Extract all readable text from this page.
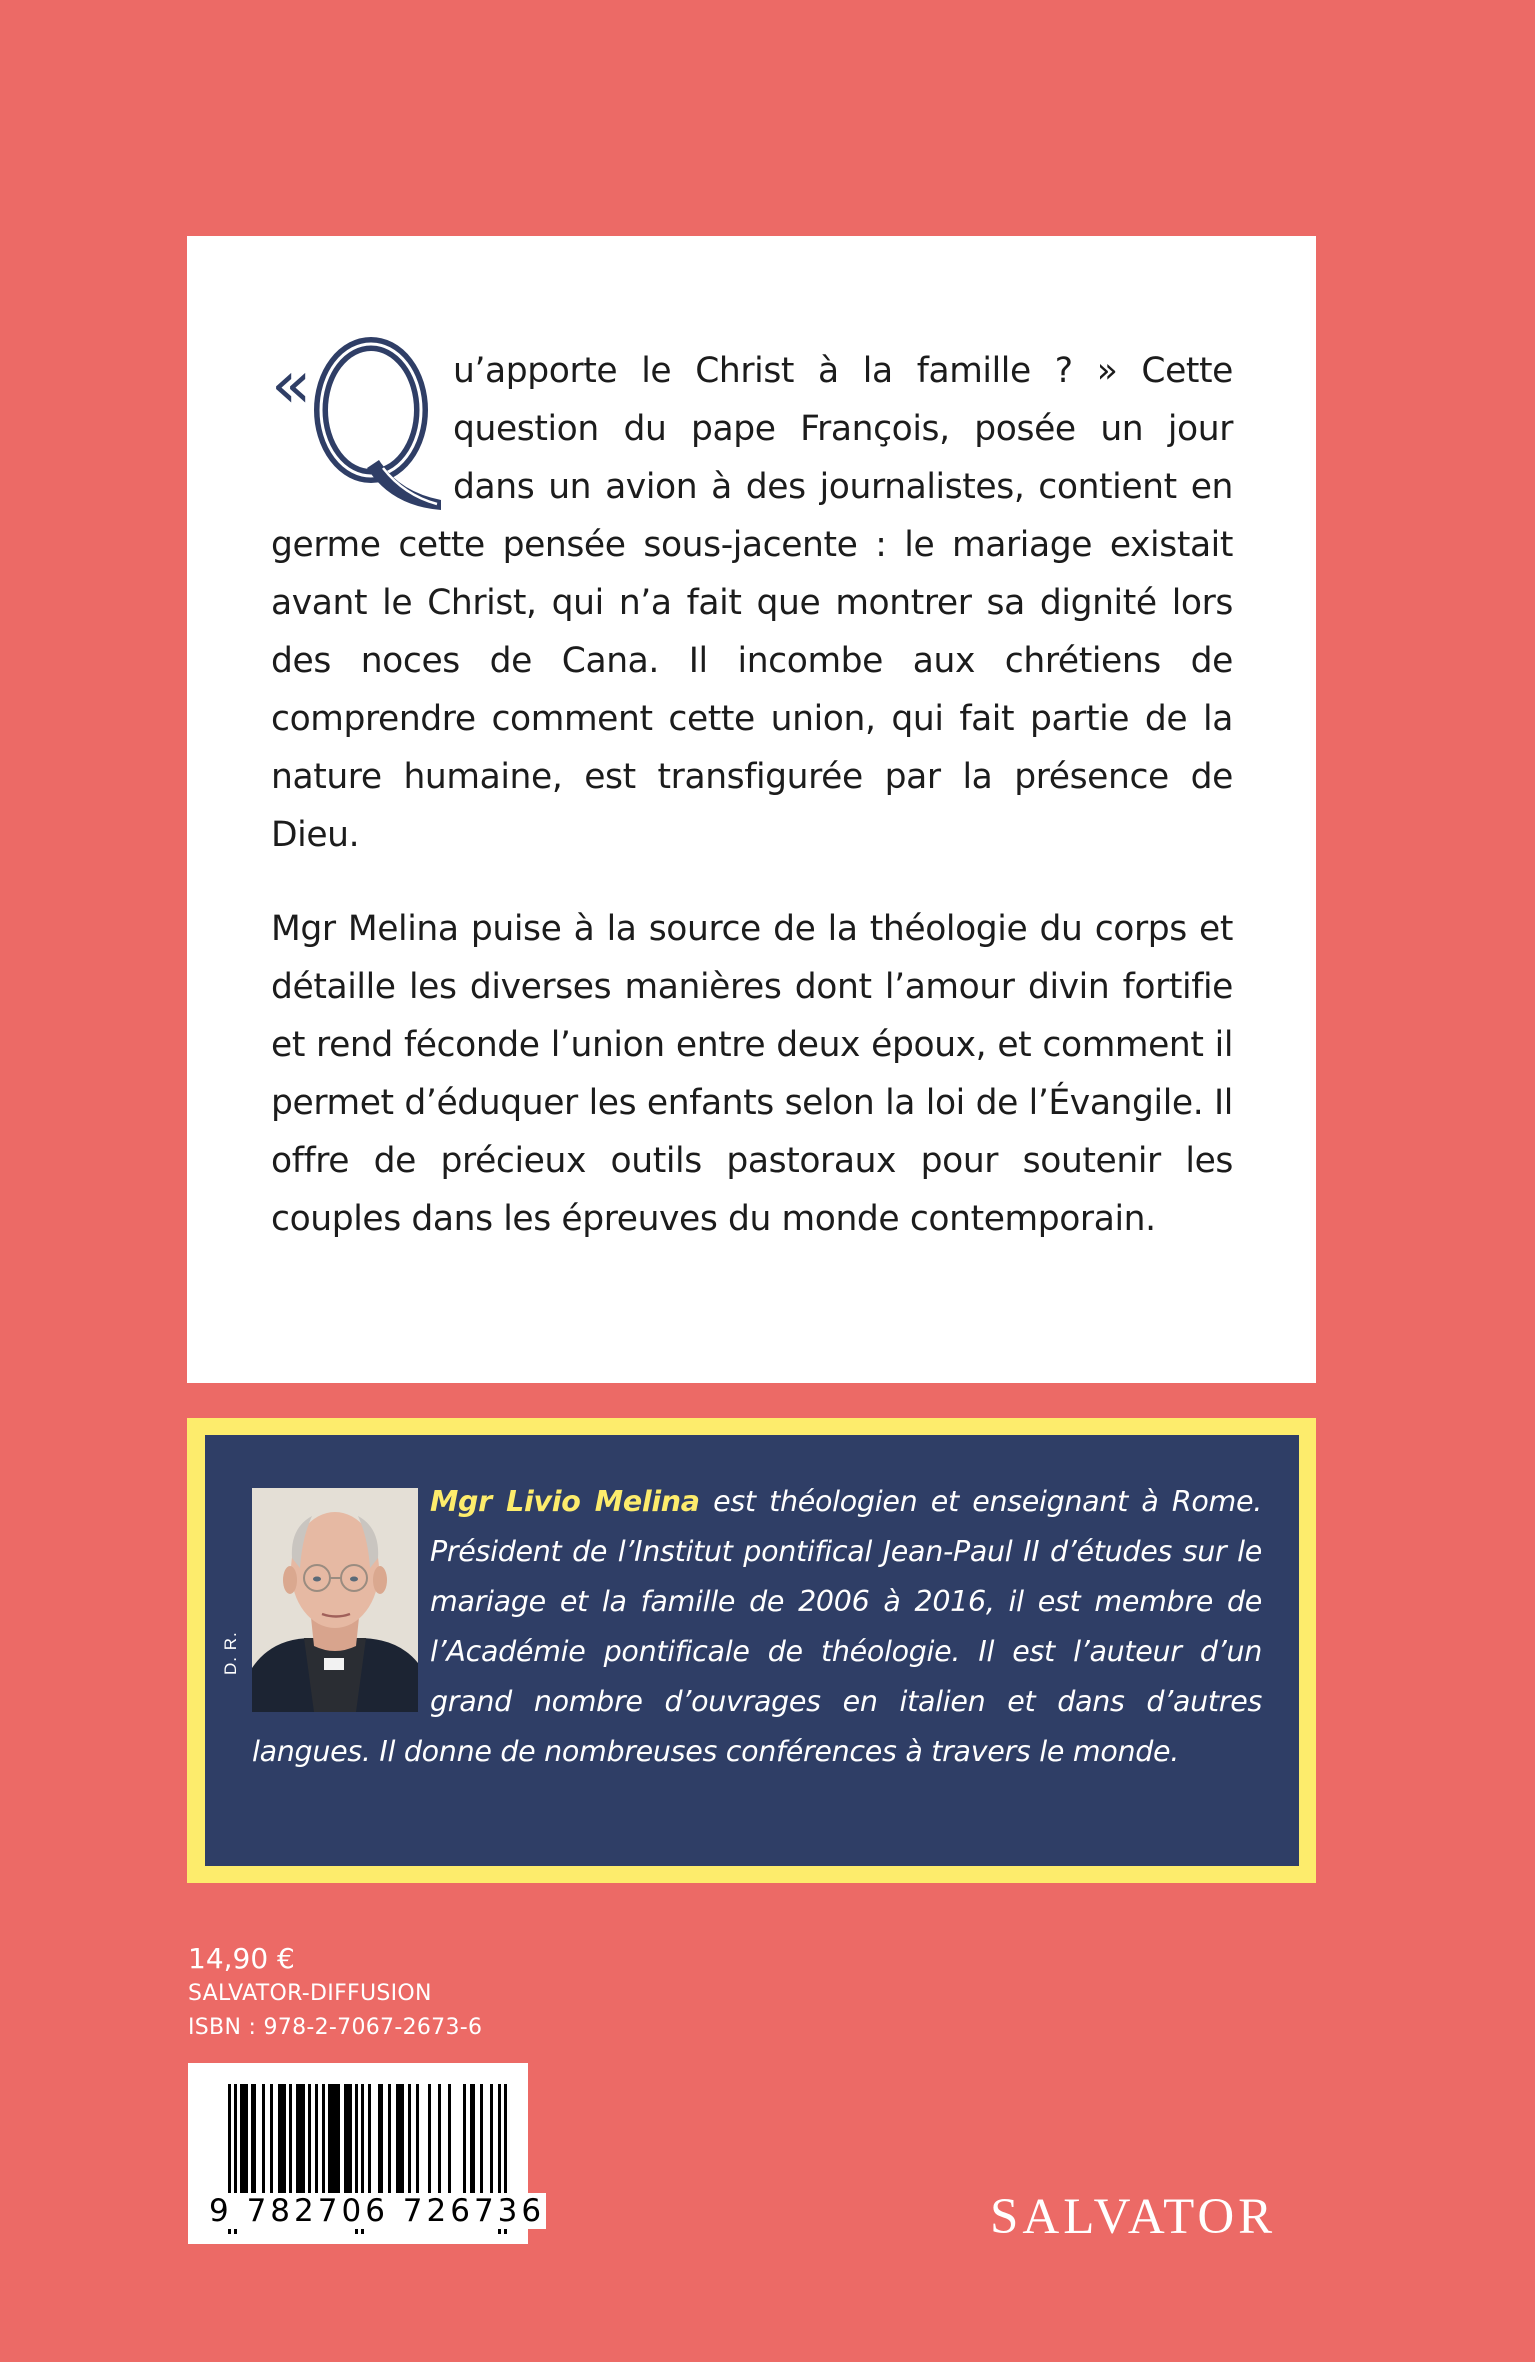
«	u’apporte le Christ à la famille ? » Cette question du pape François, posée un jour dans un avion à des journalistes, contient en germe cette pensée sous-jacente : le mariage existait avant le Christ, qui n’a fait que montrer sa dignité lors des noces de Cana. Il incombe aux chrétiens de comprendre comment cette union, qui fait partie de la nature humaine, est transfigurée par la présence de Dieu.

Mgr Melina puise à la source de la théologie du corps et détaille les diverses manières dont l’amour divin fortifie et rend féconde l’union entre deux époux, et comment il permet d’éduquer les enfants selon la loi de l’Évangile. Il offre de précieux outils pastoraux pour soutenir les couples dans les épreuves du monde contemporain.

D. R.
Mgr Livio Melina est théologien et enseignant à Rome. Président de l’Institut pontifical Jean-Paul II d’études sur le mariage et la famille de 2006 à 2016, il est membre de l’Académie pontificale de théologie. Il est l’auteur d’un grand nombre d’ouvrages en italien et dans d’autres langues. Il donne de nombreuses conférences à travers le monde.
14,90 €
SALVATOR-DIFFUSION
ISBN : 978-2-7067-2673-6
9 782706 726736	SALVATOR
